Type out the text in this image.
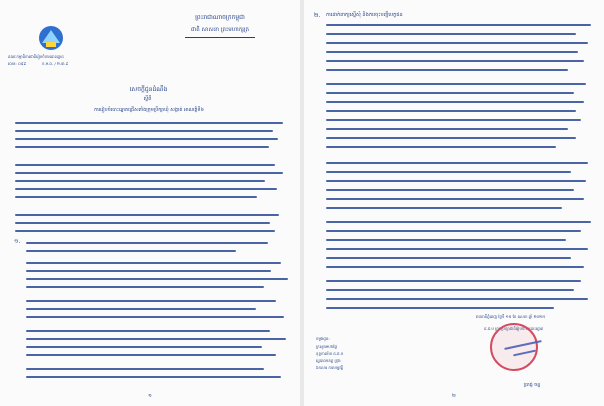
ព្រះរាជាណាចក្រកម្ពុជា
ជាតិ សាសនា ព្រះមហាក្សត្រ
គណៈកម្មាធិការជាតិរៀបចំការបោះឆ្នោត
លេខ: ០៨៩	ក.ម.ព. / ២.៣.៩
សេចក្តីជូនដំណឹង
ស្តីពី
ការរៀបចំបោះឆ្នោតជ្រើសតាំងក្រុមប្រឹក្សាឃុំ សង្កាត់ អាណត្តិទី៦
១.
១
២.	ការដាក់ពាក្យស្នើសុំ និងការចុះបញ្ជីបេក្ខជន
រាជធានីភ្នំពេញ ថ្ងៃទី ១៥ ខែ ឧសភា ឆ្នាំ ២០២៥
គ.ជ.ប ក្រុមប្រឹក្សាជាតិរៀបចំការបោះឆ្នោត
ចម្លងជូន:
ក្រសួងមហាផ្ទៃ
ខុទ្ទកាល័យ គ.ជ.ប
រដ្ឋបាលខេត្ត ក្រុង
ឯកសារ កាលប្បវត្តិ
ប្រាជ្ញ ចន្ទ
២
